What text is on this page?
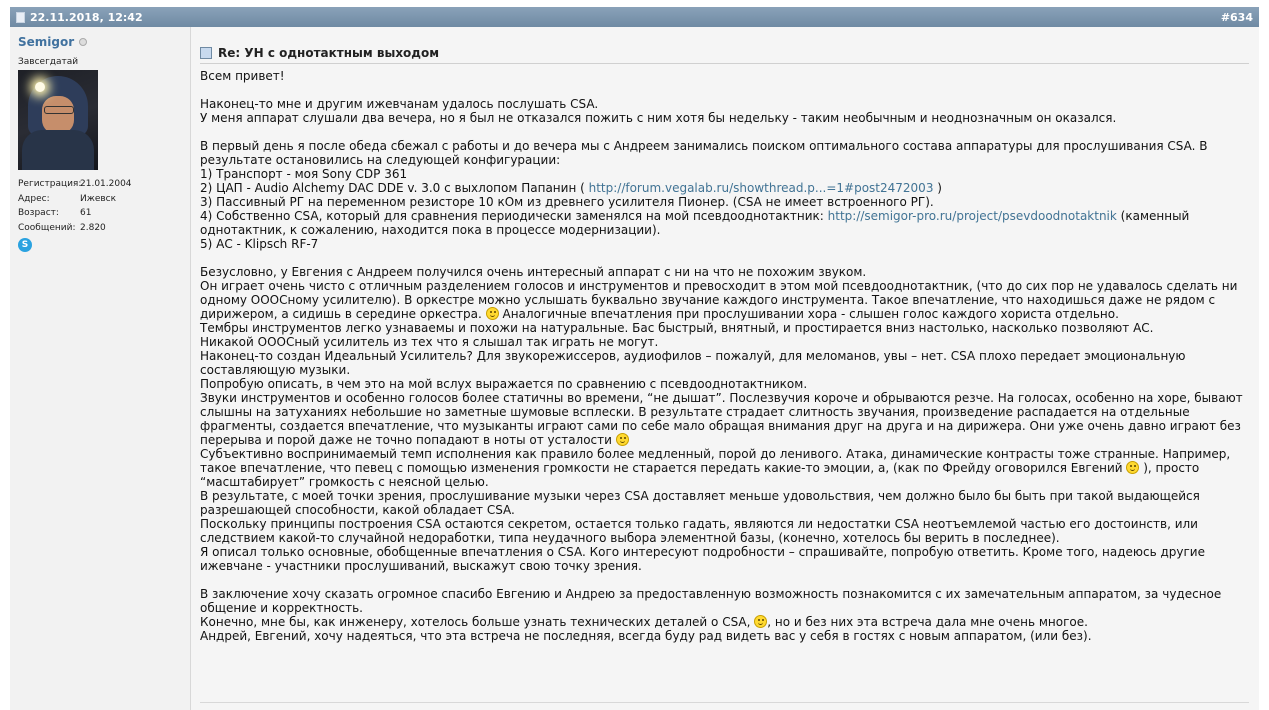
22.11.2018, 12:42	#634
Semigor
Завсегдатай
Регистрация:
21.01.2004
Адрес:	Ижевск
Возраст:	61
Сообщений: 2.820
S
Re: УН с однотактным выходом

Всем привет!

Наконец-то мне и другим ижевчанам удалось послушать CSA.

У меня аппарат слушали два вечера, но я был не отказался пожить с ним хотя бы недельку - таким необычным и неоднозначным он оказался.

В первый день я после обеда сбежал с работы и до вечера мы с Андреем занимались поиском оптимального состава аппаратуры для прослушивания CSA. В результате остановились на следующей конфигурации:

1) Транспорт - моя Sony CDP 361

2) ЦАП - Audio Alchemy DAC DDE v. 3.0 с выхлопом Папанин ( http://forum.vegalab.ru/showthread.p...=1#post2472003 )

3) Пассивный РГ на переменном резисторе 10 кОм из древнего усилителя Пионер. (CSA не имеет встроенного РГ).

4) Собственно CSA, который для сравнения периодически заменялся на мой псевдооднотактник: http://semigor-pro.ru/project/psevdoodnotaktnik (каменный однотактник, к сожалению, находится пока в процессе модернизации).

5) АС - Klipsch RF-7

Безусловно, у Евгения с Андреем получился очень интересный аппарат с ни на что не похожим звуком.

Он играет очень чисто с отличным разделением голосов и инструментов и превосходит в этом мой псевдооднотактник, (что до сих пор не удавалось сделать ни одному ОООСному усилителю). В оркестре можно услышать буквально звучание каждого инструмента. Такое впечатление, что находишься даже не рядом с дирижером, а сидишь в середине оркестра.  Аналогичные впечатления при прослушивании хора - слышен голос каждого хориста отдельно.

Тембры инструментов легко узнаваемы и похожи на натуральные. Бас быстрый, внятный, и простирается вниз настолько, насколько позволяют АС.

Никакой ОООСный усилитель из тех что я слышал так играть не могут.

Наконец-то создан Идеальный Усилитель? Для звукорежиссеров, аудиофилов – пожалуй, для меломанов, увы – нет. CSA плохо передает эмоциональную составляющую музыки.

Попробую описать, в чем это на мой вслух выражается по сравнению с псевдооднотактником.

Звуки инструментов и особенно голосов более статичны во времени, “не дышат”. Послезвучия короче и обрываются резче. На голосах, особенно на хоре, бывают слышны на затуханиях небольшие но заметные шумовые всплески. В результате страдает слитность звучания, произведение распадается на отдельные фрагменты, создается впечатление, что музыканты играют сами по себе мало обращая внимания друг на друга и на дирижера. Они уже очень давно играют без перерыва и порой даже не точно попадают в ноты от усталости

Субъективно воспринимаемый темп исполнения как правило более медленный, порой до ленивого. Атака, динамические контрасты тоже странные. Например, такое впечатление, что певец с помощью изменения громкости не старается передать какие-то эмоции, а, (как по Фрейду оговорился Евгений  ), просто “масштабирует” громкость с неясной целью.

В результате, с моей точки зрения, прослушивание музыки через CSA доставляет меньше удовольствия, чем должно было бы быть при такой выдающейся разрешающей способности, какой обладает CSA.

Поскольку принципы построения CSA остаются секретом, остается только гадать, являются ли недостатки CSA неотъемлемой частью его достоинств, или следствием какой-то случайной недоработки, типа неудачного выбора элементной базы, (конечно, хотелось бы верить в последнее).

Я описал только основные, обобщенные впечатления о CSA. Кого интересуют подробности – спрашивайте, попробую ответить. Кроме того, надеюсь другие ижевчане - участники прослушиваний, выскажут свою точку зрения.

В заключение хочу сказать огромное спасибо Евгению и Андрею за предоставленную возможность познакомится с их замечательным аппаратом, за чудесное общение и корректность.

Конечно, мне бы, как инженеру, хотелось больше узнать технических деталей о CSA, , но и без них эта встреча дала мне очень многое.

Андрей, Евгений, хочу надеяться, что эта встреча не последняя, всегда буду рад видеть вас у себя в гостях с новым аппаратом, (или без).
